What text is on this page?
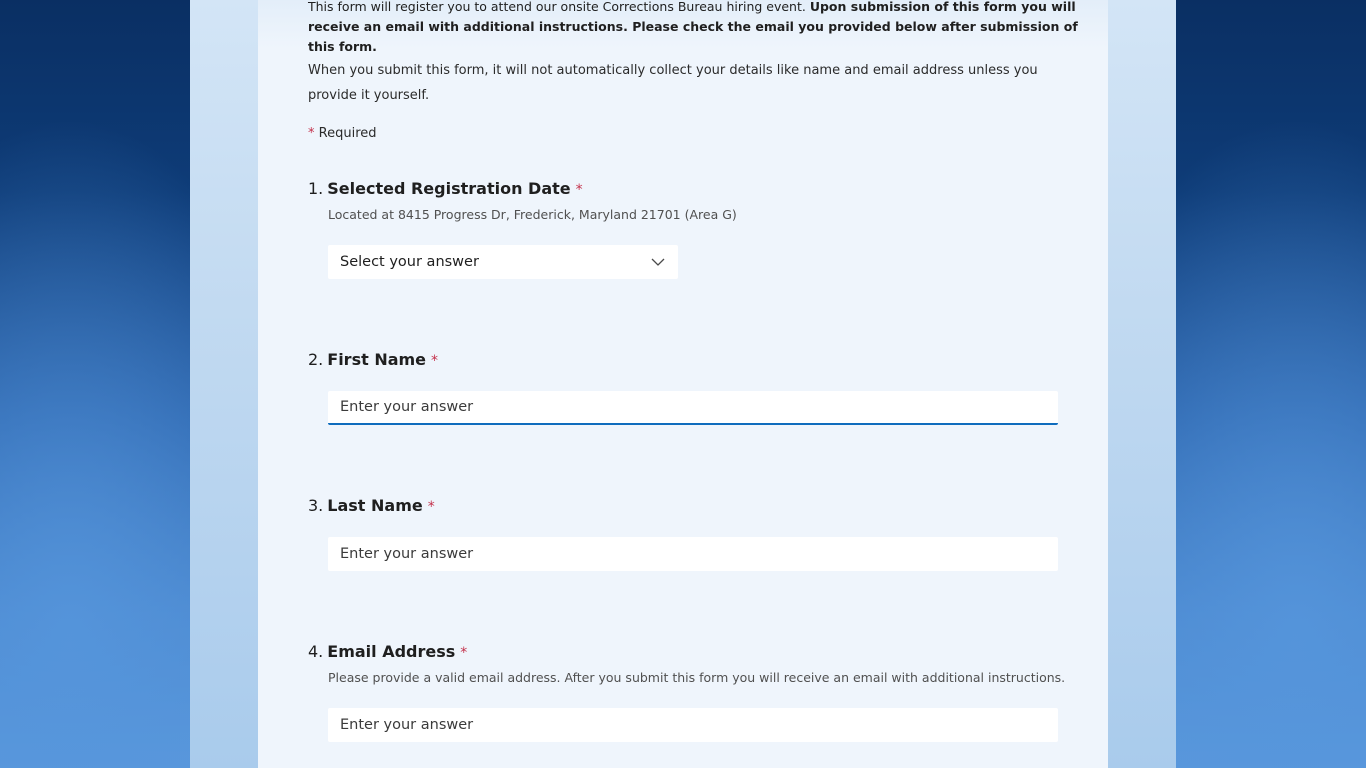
This form will register you to attend our onsite Corrections Bureau hiring event. Upon submission of this form you will receive an email with additional instructions. Please check the email you provided below after submission of this form.
When you submit this form, it will not automatically collect your details like name and email address unless you provide it yourself.
* Required
1. Selected Registration Date *
Located at 8415 Progress Dr, Frederick, Maryland 21701 (Area G)
Select your answer
2. First Name *
Enter your answer
3. Last Name *
Enter your answer
4. Email Address *
Please provide a valid email address. After you submit this form you will receive an email with additional instructions.
Enter your answer
